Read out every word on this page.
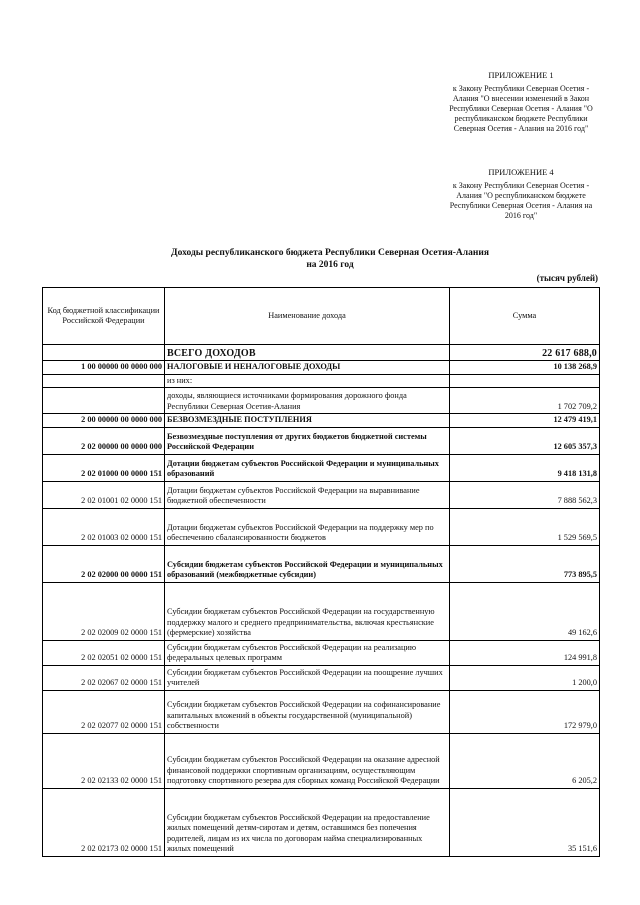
ПРИЛОЖЕНИЕ 1
к Закону Республики Северная Осетия - Алания "О внесении изменений в Закон Республики Северная Осетия - Алания "О республиканском бюджете Республики Северная Осетия - Алания на 2016 год"
ПРИЛОЖЕНИЕ 4
к Закону Республики Северная Осетия - Алания "О республиканском бюджете Республики Северная Осетия - Алания на 2016 год"
Доходы республиканского бюджета Республики Северная Осетия-Алания
на 2016 год
(тысяч рублей)
Код бюджетной классификации Российской Федерации	Наименование дохода	Сумма
	ВСЕГО ДОХОДОВ	22 617 688,0
1 00 00000 00 0000 000	НАЛОГОВЫЕ И НЕНАЛОГОВЫЕ ДОХОДЫ	10 138 268,9
	из них:	
	доходы, являющиеся источниками формирования дорожного фонда Республики Северная Осетия-Алания	1 702 709,2
2 00 00000 00 0000 000	БЕЗВОЗМЕЗДНЫЕ ПОСТУПЛЕНИЯ	12 479 419,1
2 02 00000 00 0000 000	Безвозмездные поступления от других бюджетов бюджетной системы Российской Федерации	12 605 357,3
2 02 01000 00 0000 151	Дотации бюджетам субъектов Российской Федерации и муниципальных образований	9 418 131,8
2 02 01001 02 0000 151	Дотации бюджетам субъектов Российской Федерации на выравнивание бюджетной обеспеченности	7 888 562,3
2 02 01003 02 0000 151	Дотации бюджетам субъектов Российской Федерации на поддержку мер по обеспечению сбалансированности бюджетов	1 529 569,5
2 02 02000 00 0000 151	Субсидии бюджетам субъектов Российской Федерации и муниципальных образований (межбюджетные субсидии)	773 895,5
2 02 02009 02 0000 151	Субсидии бюджетам субъектов Российской Федерации на государственную поддержку малого и среднего предпринимательства, включая крестьянские (фермерские) хозяйства	49 162,6
2 02 02051 02 0000 151	Субсидии бюджетам субъектов Российской Федерации на реализацию федеральных целевых программ	124 991,8
2 02 02067 02 0000 151	Субсидии бюджетам субъектов Российской Федерации на поощрение лучших учителей	1 200,0
2 02 02077 02 0000 151	Субсидии бюджетам субъектов Российской Федерации на софинансирование капитальных вложений в объекты государственной (муниципальной) собственности	172 979,0
2 02 02133 02 0000 151	Субсидии бюджетам субъектов Российской Федерации на оказание адресной финансовой поддержки спортивным организациям, осуществляющим подготовку спортивного резерва для сборных команд Российской Федерации	6 205,2
2 02 02173 02 0000 151	Субсидии бюджетам субъектов Российской Федерации на предоставление жилых помещений детям-сиротам и детям, оставшимся без попечения родителей, лицам из их числа по договорам найма специализированных жилых помещений	35 151,6
